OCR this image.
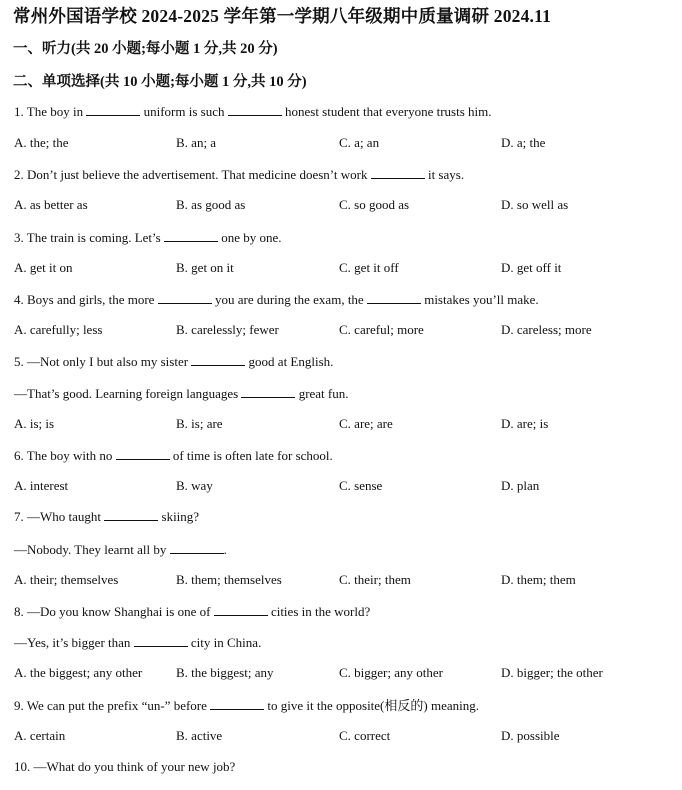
常州外国语学校 2024-2025 学年第一学期八年级期中质量调研 2024.11
一、听力(共 20 小题;每小题 1 分,共 20 分)
二、单项选择(共 10 小题;每小题 1 分,共 10 分)
1. The boy in	uniform is such	honest student that everyone trusts him.
A. the; the	B. an; a	C. a; an	D. a; the
2. Don’t just believe the advertisement. That medicine doesn’t work	it says.
A. as better as	B. as good as	C. so good as	D. so well as
3. The train is coming. Let’s	one by one.
A. get it on	B. get on it	C. get it off	D. get off it
4. Boys and girls, the more	you are during the exam, the	mistakes you’ll make.
A. carefully; less	B. carelessly; fewer	C. careful; more	D. careless; more
5. —Not only I but also my sister	good at English.
—That’s good. Learning foreign languages	great fun.
A. is; is	B. is; are	C. are; are	D. are; is
6. The boy with no	of time is often late for school.
A. interest	B. way	C. sense	D. plan
7. ―Who taught	skiing?
―Nobody. They learnt all by	.
A. their; themselves	B. them; themselves	C. their; them	D. them; them
8. —Do you know Shanghai is one of	cities in the world?
―Yes, it’s bigger than	city in China.
A. the biggest; any other	B. the biggest; any	C. bigger; any other	D. bigger; the other
9. We can put the prefix “un-” before	to give it the opposite(相反的) meaning.
A. certain	B. active	C. correct	D. possible
10. —What do you think of your new job?
